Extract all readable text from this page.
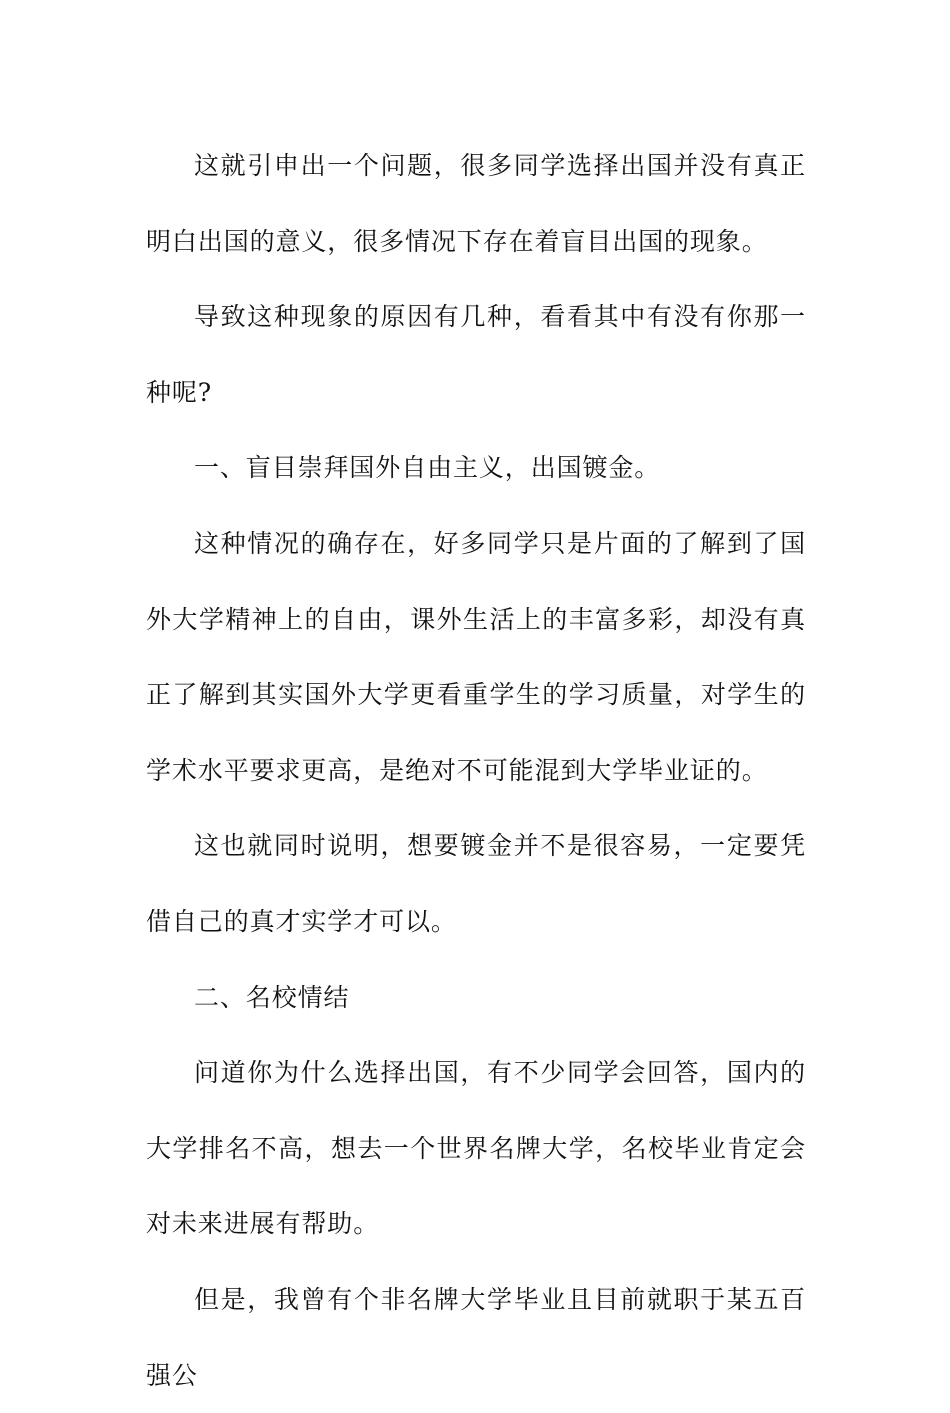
这就引申出一个问题，很多同学选择出国并没有真正明白出国的意义，很多情况下存在着盲目出国的现象。

导致这种现象的原因有几种，看看其中有没有你那一种呢?

一、盲目崇拜国外自由主义，出国镀金。

这种情况的确存在，好多同学只是片面的了解到了国外大学精神上的自由，课外生活上的丰富多彩，却没有真正了解到其实国外大学更看重学生的学习质量，对学生的学术水平要求更高，是绝对不可能混到大学毕业证的。

这也就同时说明，想要镀金并不是很容易，一定要凭借自己的真才实学才可以。

二、名校情结

问道你为什么选择出国，有不少同学会回答，国内的大学排名不高，想去一个世界名牌大学，名校毕业肯定会对未来进展有帮助。

但是，我曾有个非名牌大学毕业且目前就职于某五百强公
